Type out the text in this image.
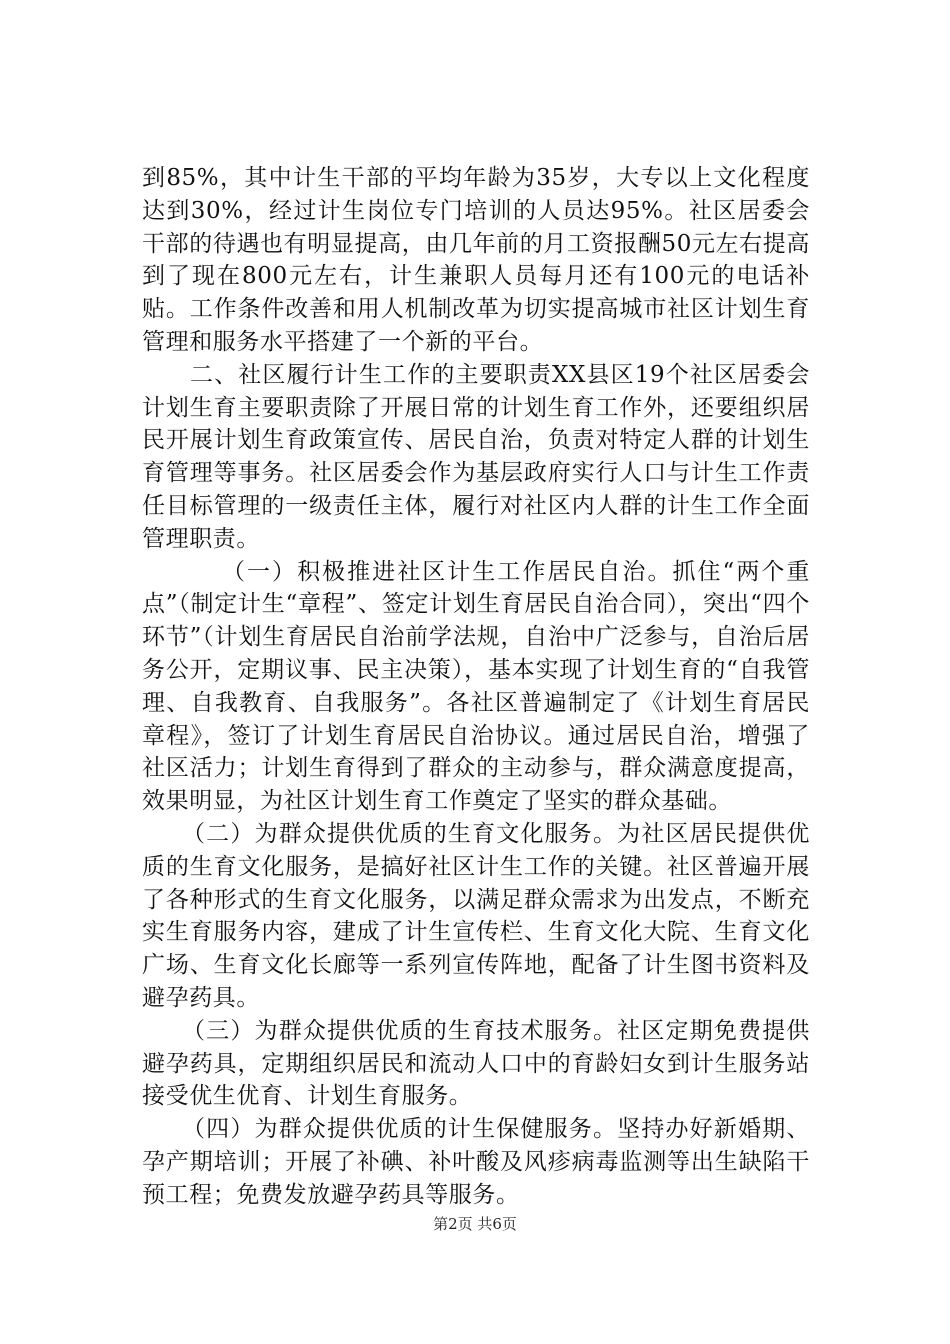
到85%，其中计生干部的平均年龄为35岁，大专以上文化程度达到30%，经过计生岗位专门培训的人员达95%。社区居委会干部的待遇也有明显提高，由几年前的月工资报酬50元左右提高到了现在800元左右，计生兼职人员每月还有100元的电话补贴。工作条件改善和用人机制改革为切实提高城市社区计划生育管理和服务水平搭建了一个新的平台。

二、社区履行计生工作的主要职责XX县区19个社区居委会计划生育主要职责除了开展日常的计划生育工作外，还要组织居民开展计划生育政策宣传、居民自治，负责对特定人群的计划生育管理等事务。社区居委会作为基层政府实行人口与计生工作责任目标管理的一级责任主体，履行对社区内人群的计生工作全面管理职责。

（一）积极推进社区计生工作居民自治。抓住“两个重点”（制定计生“章程”、签定计划生育居民自治合同），突出“四个环节”（计划生育居民自治前学法规，自治中广泛参与，自治后居务公开，定期议事、民主决策），基本实现了计划生育的“自我管理、自我教育、自我服务”。各社区普遍制定了《计划生育居民章程》，签订了计划生育居民自治协议。通过居民自治，增强了社区活力；计划生育得到了群众的主动参与，群众满意度提高，效果明显，为社区计划生育工作奠定了坚实的群众基础。

（二）为群众提供优质的生育文化服务。为社区居民提供优质的生育文化服务，是搞好社区计生工作的关键。社区普遍开展了各种形式的生育文化服务，以满足群众需求为出发点，不断充实生育服务内容，建成了计生宣传栏、生育文化大院、生育文化广场、生育文化长廊等一系列宣传阵地，配备了计生图书资料及避孕药具。

（三）为群众提供优质的生育技术服务。社区定期免费提供避孕药具，定期组织居民和流动人口中的育龄妇女到计生服务站接受优生优育、计划生育服务。

（四）为群众提供优质的计生保健服务。坚持办好新婚期、孕产期培训；开展了补碘、补叶酸及风疹病毒监测等出生缺陷干预工程；免费发放避孕药具等服务。

第2页 共6页
